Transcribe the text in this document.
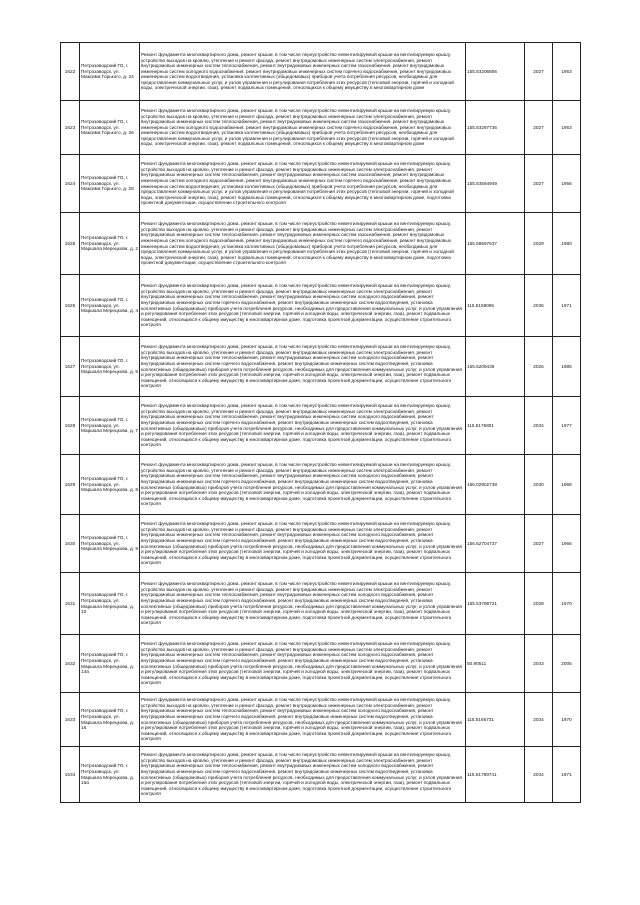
1622	Петрозаводский ГО, г. Петрозаводск, ул. Максима Горького, д. 24	Ремонт фундамента многоквартирного дома, ремонт крыши, в том числе переустройство невентилируемой крыши на вентилируемую крышу, устройство выходов на кровлю, утепление и ремонт фасада, ремонт внутридомовых инженерных систем электроснабжения, ремонт внутридомовых инженерных систем теплоснабжения, ремонт внутридомовых инженерных систем газоснабжения, ремонт внутридомовых инженерных систем холодного водоснабжения, ремонт внутридомовых инженерных систем горячего водоснабжения, ремонт внутридомовых инженерных систем водоотведения, установка коллективных (общедомовых) приборов учета потребления ресурсов, необходимых для предоставления коммунальных услуг, и узлов управления и регулирования потребления этих ресурсов (тепловой энергии, горячей и холодной воды, электрической энергии, газа), ремонт подвальных помещений, относящихся к общему имуществу в многоквартирном доме	155.53206806	2027	1953
1623	Петрозаводский ГО, г. Петрозаводск, ул. Максима Горького, д. 26	Ремонт фундамента многоквартирного дома, ремонт крыши, в том числе переустройство невентилируемой крыши на вентилируемую крышу, устройство выходов на кровлю, утепление и ремонт фасада, ремонт внутридомовых инженерных систем электроснабжения, ремонт внутридомовых инженерных систем теплоснабжения, ремонт внутридомовых инженерных систем газоснабжения, ремонт внутридомовых инженерных систем холодного водоснабжения, ремонт внутридомовых инженерных систем горячего водоснабжения, ремонт внутридомовых инженерных систем водоотведения, установка коллективных (общедомовых) приборов учета потребления ресурсов, необходимых для предоставления коммунальных услуг, и узлов управления и регулирования потребления этих ресурсов (тепловой энергии, горячей и холодной воды, электрической энергии, газа), ремонт подвальных помещений, относящихся к общему имуществу в многоквартирном доме	155.53297736	2027	1953
1624	Петрозаводский ГО, г. Петрозаводск, ул. Максима Горького, д. 28	Ремонт фундамента многоквартирного дома, ремонт крыши, в том числе переустройство невентилируемой крыши на вентилируемую крышу, устройство выходов на кровлю, утепление и ремонт фасада, ремонт внутридомовых инженерных систем электроснабжения, ремонт внутридомовых инженерных систем теплоснабжения, ремонт внутридомовых инженерных систем газоснабжения, ремонт внутридомовых инженерных систем холодного водоснабжения, ремонт внутридомовых инженерных систем горячего водоснабжения, ремонт внутридомовых инженерных систем водоотведения, установка коллективных (общедомовых) приборов учета потребления ресурсов, необходимых для предоставления коммунальных услуг, и узлов управления и регулирования потребления этих ресурсов (тепловой энергии, горячей и холодной воды, электрической энергии, газа), ремонт подвальных помещений, относящихся к общему имуществу в многоквартирном доме, подготовка проектной документации, осуществление строительного контроля	155.53594949	2027	1956
1625	Петрозаводский ГО, г. Петрозаводск, ул. Маршала Мерецкова, д. 2	Ремонт фундамента многоквартирного дома, ремонт крыши, в том числе переустройство невентилируемой крыши на вентилируемую крышу, устройство выходов на кровлю, утепление и ремонт фасада, ремонт внутридомовых инженерных систем электроснабжения, ремонт внутридомовых инженерных систем теплоснабжения, ремонт внутридомовых инженерных систем газоснабжения, ремонт внутридомовых инженерных систем холодного водоснабжения, ремонт внутридомовых инженерных систем горячего водоснабжения, ремонт внутридомовых инженерных систем водоотведения, установка коллективных (общедомовых) приборов учета потребления ресурсов, необходимых для предоставления коммунальных услуг, и узлов управления и регулирования потребления этих ресурсов (тепловой энергии, горячей и холодной воды, электрической энергии, газа), ремонт подвальных помещений, относящихся к общему имуществу в многоквартирном доме, подготовка проектной документации, осуществление строительного контроля	155.58697637	2029	1980
1626	Петрозаводский ГО, г. Петрозаводск, ул. Маршала Мерецкова, д. 4	Ремонт фундамента многоквартирного дома, ремонт крыши, в том числе переустройство невентилируемой крыши на вентилируемую крышу, устройство выходов на кровлю, утепление и ремонт фасада, ремонт внутридомовых инженерных систем электроснабжения, ремонт внутридомовых инженерных систем теплоснабжения, ремонт внутридомовых инженерных систем холодного водоснабжения, ремонт внутридомовых инженерных систем горячего водоснабжения, ремонт внутридомовых инженерных систем водоотведения, установка коллективных (общедомовых) приборов учета потребления ресурсов, необходимых для предоставления коммунальных услуг, и узлов управления и регулирования потребления этих ресурсов (тепловой энергии, горячей и холодной воды, электрической энергии, газа), ремонт подвальных помещений, относящихся к общему имуществу в многоквартирном доме, подготовка проектной документации, осуществление строительного контроля	115.5159095	2036	1971
1627	Петрозаводский ГО, г. Петрозаводск, ул. Маршала Мерецкова, д. 5	Ремонт фундамента многоквартирного дома, ремонт крыши, в том числе переустройство невентилируемой крыши на вентилируемую крышу, устройство выходов на кровлю, утепление и ремонт фасада, ремонт внутридомовых инженерных систем электроснабжения, ремонт внутридомовых инженерных систем теплоснабжения, ремонт внутридомовых инженерных систем холодного водоснабжения, ремонт внутридомовых инженерных систем горячего водоснабжения, ремонт внутридомовых инженерных систем водоотведения, установка коллективных (общедомовых) приборов учета потребления ресурсов, необходимых для предоставления коммунальных услуг, и узлов управления и регулирования потребления этих ресурсов (тепловой энергии, горячей и холодной воды, электрической энергии, газа), ремонт подвальных помещений, относящихся к общему имуществу в многоквартирном доме, подготовка проектной документации, осуществление строительного контроля	155.5209439	2026	1985
1628	Петрозаводский ГО, г. Петрозаводск, ул. Маршала Мерецкова, д. 7	Ремонт фундамента многоквартирного дома, ремонт крыши, в том числе переустройство невентилируемой крыши на вентилируемую крышу, устройство выходов на кровлю, утепление и ремонт фасада, ремонт внутридомовых инженерных систем электроснабжения, ремонт внутридомовых инженерных систем теплоснабжения, ремонт внутридомовых инженерных систем холодного водоснабжения, ремонт внутридомовых инженерных систем горячего водоснабжения, ремонт внутридомовых инженерных систем водоотведения, установка коллективных (общедомовых) приборов учета потребления ресурсов, необходимых для предоставления коммунальных услуг, и узлов управления и регулирования потребления этих ресурсов (тепловой энергии, горячей и холодной воды, электрической энергии, газа), ремонт подвальных помещений, относящихся к общему имуществу в многоквартирном доме, подготовка проектной документации, осуществление строительного контроля	115.5176801	2034	1977
1629	Петрозаводский ГО, г. Петрозаводск, ул. Маршала Мерецкова, д. 8	Ремонт фундамента многоквартирного дома, ремонт крыши, в том числе переустройство невентилируемой крыши на вентилируемую крышу, устройство выходов на кровлю, утепление и ремонт фасада, ремонт внутридомовых инженерных систем электроснабжения, ремонт внутридомовых инженерных систем теплоснабжения, ремонт внутридомовых инженерных систем холодного водоснабжения, ремонт внутридомовых инженерных систем горячего водоснабжения, ремонт внутридомовых инженерных систем водоотведения, установка коллективных (общедомовых) приборов учета потребления ресурсов, необходимых для предоставления коммунальных услуг, и узлов управления и регулирования потребления этих ресурсов (тепловой энергии, горячей и холодной воды, электрической энергии, газа), ремонт подвальных помещений, относящихся к общему имуществу в многоквартирном доме, подготовка проектной документации, осуществление строительного контроля	156.02902738	2030	1968
1630	Петрозаводский ГО, г. Петрозаводск, ул. Маршала Мерецкова, д. 9	Ремонт фундамента многоквартирного дома, ремонт крыши, в том числе переустройство невентилируемой крыши на вентилируемую крышу, устройство выходов на кровлю, утепление и ремонт фасада, ремонт внутридомовых инженерных систем электроснабжения, ремонт внутридомовых инженерных систем теплоснабжения, ремонт внутридомовых инженерных систем холодного водоснабжения, ремонт внутридомовых инженерных систем горячего водоснабжения, ремонт внутридомовых инженерных систем водоотведения, установка коллективных (общедомовых) приборов учета потребления ресурсов, необходимых для предоставления коммунальных услуг, и узлов управления и регулирования потребления этих ресурсов (тепловой энергии, горячей и холодной воды, электрической энергии, газа), ремонт подвальных помещений, относящихся к общему имуществу в многоквартирном доме, подготовка проектной документации, осуществление строительного контроля	156.52704737	2027	1966
1631	Петрозаводский ГО, г. Петрозаводск, ул. Маршала Мерецкова, д. 10	Ремонт фундамента многоквартирного дома, ремонт крыши, в том числе переустройство невентилируемой крыши на вентилируемую крышу, устройство выходов на кровлю, утепление и ремонт фасада, ремонт внутридомовых инженерных систем электроснабжения, ремонт внутридомовых инженерных систем теплоснабжения, ремонт внутридомовых инженерных систем холодного водоснабжения, ремонт внутридомовых инженерных систем горячего водоснабжения, ремонт внутридомовых инженерных систем водоотведения, установка коллективных (общедомовых) приборов учета потребления ресурсов, необходимых для предоставления коммунальных услуг, и узлов управления и регулирования потребления этих ресурсов (тепловой энергии, горячей и холодной воды, электрической энергии, газа), ремонт подвальных помещений, относящихся к общему имуществу в многоквартирном доме, подготовка проектной документации, осуществление строительного контроля	155.53799721	2028	1970
1632	Петрозаводский ГО, г. Петрозаводск, ул. Маршала Мерецкова, д. 14а	Ремонт фундамента многоквартирного дома, ремонт крыши, в том числе переустройство невентилируемой крыши на вентилируемую крышу, устройство выходов на кровлю, утепление и ремонт фасада, ремонт внутридомовых инженерных систем электроснабжения, ремонт внутридомовых инженерных систем теплоснабжения, ремонт внутридомовых инженерных систем холодного водоснабжения, ремонт внутридомовых инженерных систем горячего водоснабжения, ремонт внутридомовых инженерных систем водоотведения, установка коллективных (общедомовых) приборов учета потребления ресурсов, необходимых для предоставления коммунальных услуг, и узлов управления и регулирования потребления этих ресурсов (тепловой энергии, горячей и холодной воды, электрической энергии, газа), ремонт подвальных помещений, относящихся к общему имуществу в многоквартирном доме, подготовка проектной документации, осуществление строительного контроля	50.90511	2043	2005
1633	Петрозаводский ГО, г. Петрозаводск, ул. Маршала Мерецкова, д. 16	Ремонт фундамента многоквартирного дома, ремонт крыши, в том числе переустройство невентилируемой крыши на вентилируемую крышу, устройство выходов на кровлю, утепление и ремонт фасада, ремонт внутридомовых инженерных систем электроснабжения, ремонт внутридомовых инженерных систем теплоснабжения, ремонт внутридомовых инженерных систем холодного водоснабжения, ремонт внутридомовых инженерных систем горячего водоснабжения, ремонт внутридомовых инженерных систем водоотведения, установка коллективных (общедомовых) приборов учета потребления ресурсов, необходимых для предоставления коммунальных услуг, и узлов управления и регулирования потребления этих ресурсов (тепловой энергии, горячей и холодной воды, электрической энергии, газа), ремонт подвальных помещений, относящихся к общему имуществу в многоквартирном доме, подготовка проектной документации, осуществление строительного контроля	115.5166731	2034	1970
1634	Петрозаводский ГО, г. Петрозаводск, ул. Маршала Мерецкова, д. 16а	Ремонт фундамента многоквартирного дома, ремонт крыши, в том числе переустройство невентилируемой крыши на вентилируемую крышу, устройство выходов на кровлю, утепление и ремонт фасада, ремонт внутридомовых инженерных систем электроснабжения, ремонт внутридомовых инженерных систем теплоснабжения, ремонт внутридомовых инженерных систем холодного водоснабжения, ремонт внутридомовых инженерных систем горячего водоснабжения, ремонт внутридомовых инженерных систем водоотведения, установка коллективных (общедомовых) приборов учета потребления ресурсов, необходимых для предоставления коммунальных услуг, и узлов управления и регулирования потребления этих ресурсов (тепловой энергии, горячей и холодной воды, электрической энергии, газа), ремонт подвальных помещений, относящихся к общему имуществу в многоквартирном доме, подготовка проектной документации, осуществление строительного контроля	115.51789741	2034	1971
